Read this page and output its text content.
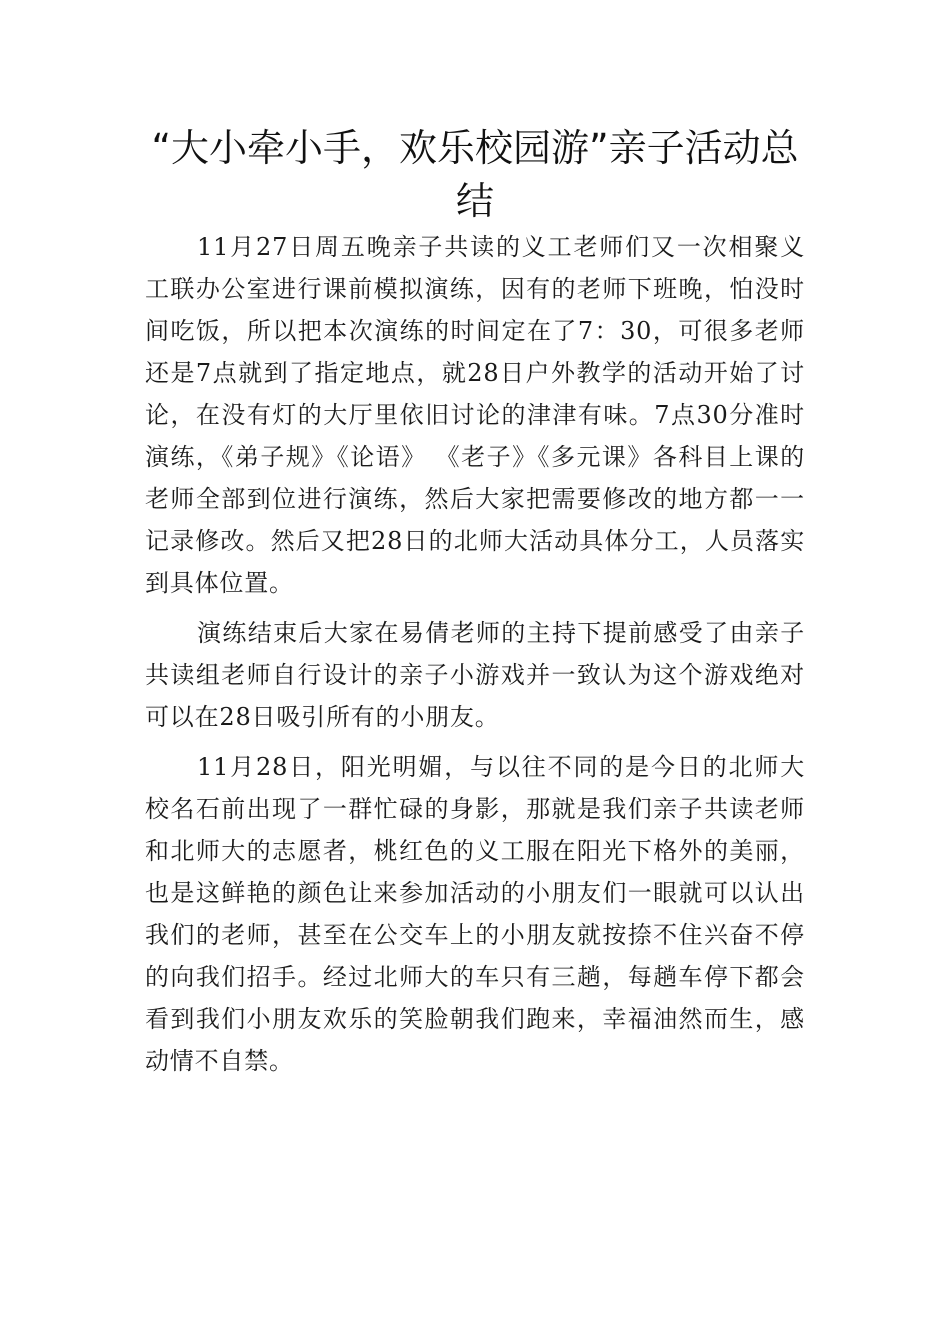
“大小牵小手，欢乐校园游”亲子活动总结

11月27日周五晚亲子共读的义工老师们又一次相聚义工联办公室进行课前模拟演练，因有的老师下班晚，怕没时间吃饭，所以把本次演练的时间定在了7：30，可很多老师还是7点就到了指定地点，就28日户外教学的活动开始了讨论，在没有灯的大厅里依旧讨论的津津有味。7点30分准时演练，《弟子规》《论语》 《老子》《多元课》各科目上课的老师全部到位进行演练，然后大家把需要修改的地方都一一记录修改。然后又把28日的北师大活动具体分工，人员落实到具体位置。

演练结束后大家在易倩老师的主持下提前感受了由亲子共读组老师自行设计的亲子小游戏并一致认为这个游戏绝对可以在28日吸引所有的小朋友。

11月28日，阳光明媚，与以往不同的是今日的北师大校名石前出现了一群忙碌的身影，那就是我们亲子共读老师和北师大的志愿者，桃红色的义工服在阳光下格外的美丽，也是这鲜艳的颜色让来参加活动的小朋友们一眼就可以认出我们的老师，甚至在公交车上的小朋友就按捺不住兴奋不停的向我们招手。经过北师大的车只有三趟，每趟车停下都会看到我们小朋友欢乐的笑脸朝我们跑来，幸福油然而生，感动情不自禁。
